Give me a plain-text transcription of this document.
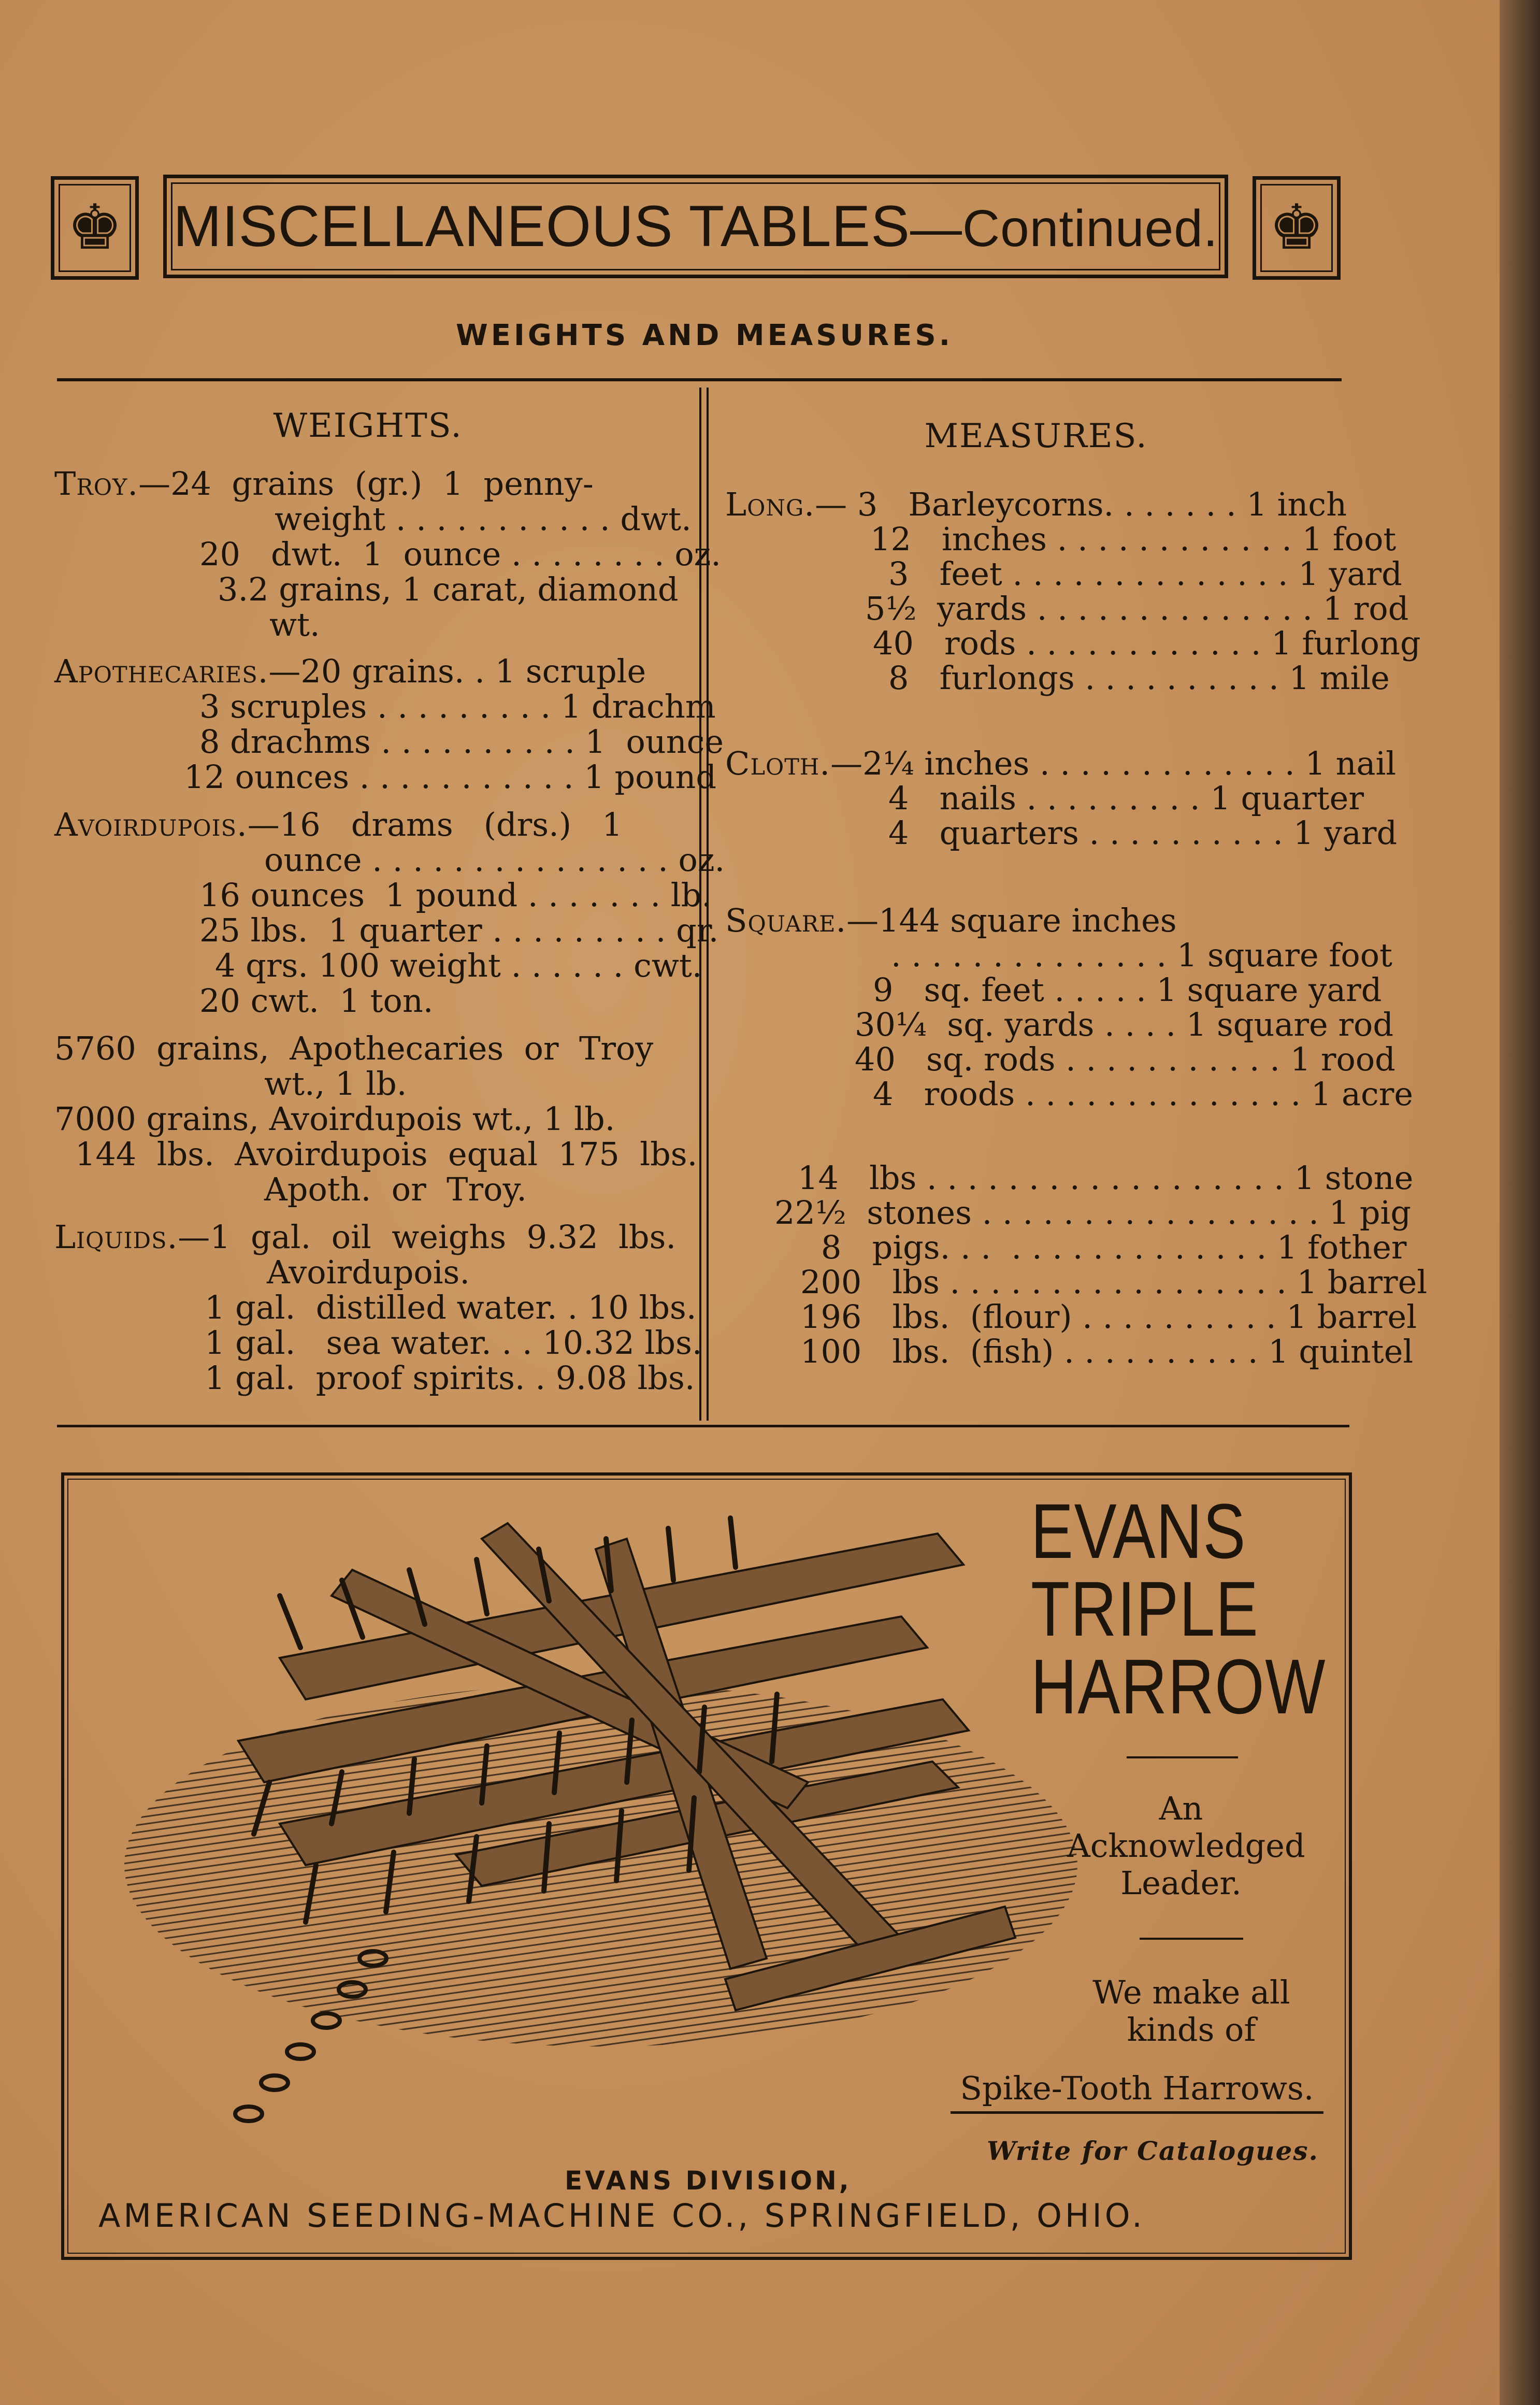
♚ MISCELLANEOUS TABLES—Continued. ♚
WEIGHTS AND MEASURES.
WEIGHTS.
Troy.—24  grains  (gr.)  1  penny-
weight . . . . . . . . . . . dwt.
20   dwt.  1  ounce . . . . . . . . oz.
3.2 grains, 1 carat, diamond
wt.
Apothecaries.—20 grains. . 1 scruple
3 scruples . . . . . . . . . 1 drachm
8 drachms . . . . . . . . . . 1  ounce
12 ounces . . . . . . . . . . . 1 pound
Avoirdupois.—16   drams   (drs.)   1
ounce . . . . . . . . . . . . . . . oz.
16 ounces  1 pound . . . . . . . lb.
25 lbs.  1 quarter . . . . . . . . . qr.
4 qrs. 100 weight . . . . . . cwt.
20 cwt.  1 ton.
5760  grains,  Apothecaries  or  Troy
wt., 1 lb.
7000 grains, Avoirdupois wt., 1 lb.
144  lbs.  Avoirdupois  equal  175  lbs.
Apoth.  or  Troy.
Liquids.—1  gal.  oil  weighs  9.32  lbs.
Avoirdupois.
1 gal.  distilled water. . 10 lbs.
1 gal.   sea water. . . 10.32 lbs.
1 gal.  proof spirits. . 9.08 lbs.
MEASURES.
Long.— 3   Barleycorns. . . . . . . 1 inch
12   inches . . . . . . . . . . . . 1 foot
3   feet . . . . . . . . . . . . . . 1 yard
5½  yards . . . . . . . . . . . . . . 1 rod
40   rods . . . . . . . . . . . . 1 furlong
8   furlongs . . . . . . . . . . 1 mile
Cloth.—2¼ inches . . . . . . . . . . . . . 1 nail
4   nails . . . . . . . . . 1 quarter
4   quarters . . . . . . . . . . 1 yard
Square.—144 square inches
. . . . . . . . . . . . . . 1 square foot
9   sq. feet . . . . . 1 square yard
30¼  sq. yards . . . . 1 square rod
40   sq. rods . . . . . . . . . . . 1 rood
4   roods . . . . . . . . . . . . . . 1 acre
14   lbs . . . . . . . . . . . . . . . . . . 1 stone
22½  stones . . . . . . . . . . . . . . . . . 1 pig
8   pigs. . .  . . . . . . . . . . . . . 1 fother
200   lbs . . . . . . . . . . . . . . . . . 1 barrel
196   lbs.  (flour) . . . . . . . . . . 1 barrel
100   lbs.  (fish) . . . . . . . . . . 1 quintel
EVANS
TRIPLE
HARROW
An
Acknowledged
Leader.
We make all
kinds of
Spike-Tooth Harrows.
Write for Catalogues.
EVANS DIVISION,
AMERICAN SEEDING-MACHINE CO., SPRINGFIELD, OHIO.
